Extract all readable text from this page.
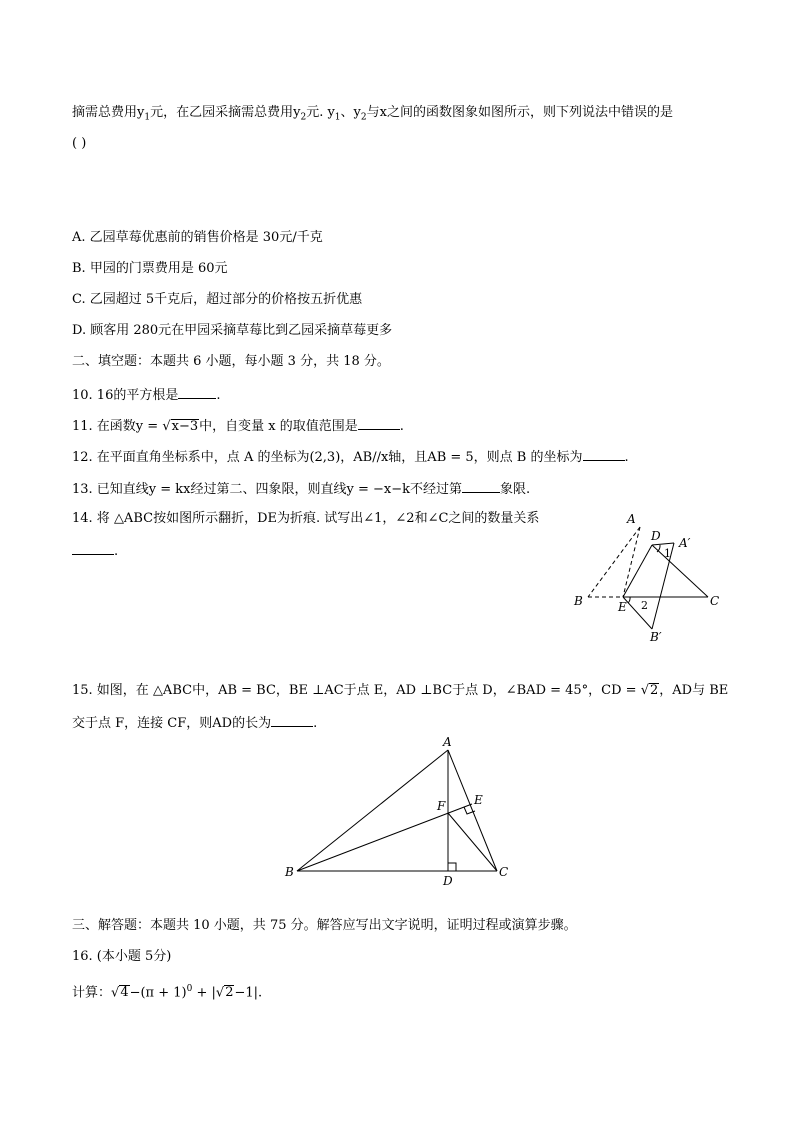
摘需总费用$y_1$元，在乙园采摘需总费用$y_2$元. $y_1$、$y_2$与x之间的函数图象如图所示，则下列说法中错误的是
( )
A. 乙园草莓优惠前的销售价格是 30元/千克
B. 甲园的门票费用是 60元
C. 乙园超过 5千克后，超过部分的价格按五折优惠
D. 顾客用 280元在甲园采摘草莓比到乙园采摘草莓更多
二、填空题：本题共 6 小题，每小题 3 分，共 18 分。
10. 16的平方根是	.
11. 在函数y = √x−3中，自变量 x 的取值范围是	.
12. 在平面直角坐标系中，点 A 的坐标为(2,3)，AB//x轴，且AB = 5，则点 B 的坐标为	.
13. 已知直线y = kx经过第二、四象限，则直线y = −x−k不经过第	象限.
14. 将 △ABC按如图所示翻折，DE为折痕. 试写出∠1，∠2和∠C之间的数量关系
.
A
D A′
1
B	E 2	C
B′
15. 如图，在 △ABC中，AB = BC，BE ⊥AC于点 E，AD ⊥BC于点 D，∠BAD = 45°，CD = √2，AD与 BE
交于点 F，连接 CF，则AD的长为	.
A
F E
B
D
C
三、解答题：本题共 10 小题，共 75 分。解答应写出文字说明，证明过程或演算步骤。
16. (本小题 5分)
计算：$√4-(\pi + 1)^0 + |√2-1|$.
